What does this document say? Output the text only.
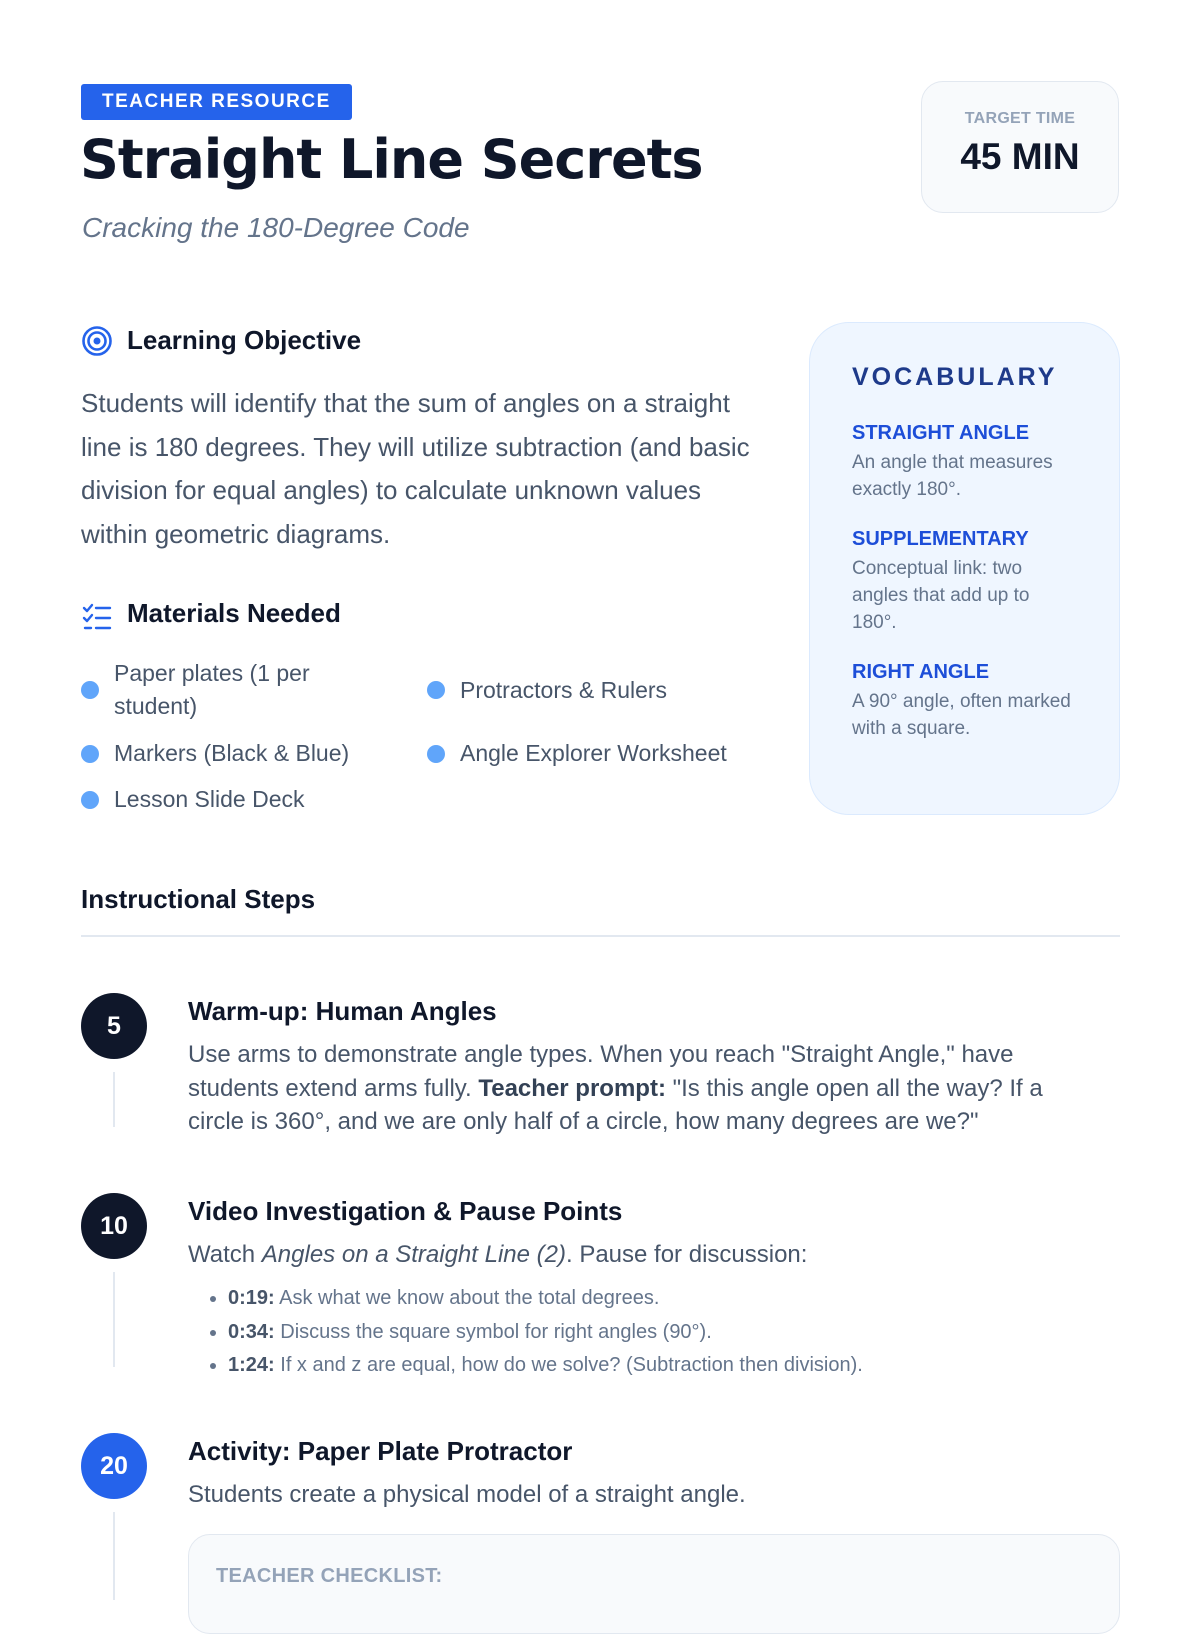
TEACHER RESOURCE
Straight Line Secrets

Cracking the 180-Degree Code

TARGET TIME
45 MIN
Learning Objective

Students will identify that the sum of angles on a straight line is 180 degrees. They will utilize subtraction (and basic division for equal angles) to calculate unknown values within geometric diagrams.

Materials Needed
Paper plates (1 per student)
Protractors & Rulers
Markers (Black & Blue)	Angle Explorer Worksheet
Lesson Slide Deck
VOCABULARY

STRAIGHT ANGLE

An angle that measures exactly 180°.

SUPPLEMENTARY

Conceptual link: two angles that add up to 180°.

RIGHT ANGLE

A 90° angle, often marked with a square.

Instructional Steps
5	Warm-up: Human Angles

Use arms to demonstrate angle types. When you reach "Straight Angle," have students extend arms fully. Teacher prompt: "Is this angle open all the way? If a circle is 360°, and we are only half of a circle, how many degrees are we?"

10	Video Investigation & Pause Points

Watch Angles on a Straight Line (2). Pause for discussion:

• 0:19: Ask what we know about the total degrees.
• 0:34: Discuss the square symbol for right angles (90°).
• 1:24: If x and z are equal, how do we solve? (Subtraction then division).
20	Activity: Paper Plate Protractor

Students create a physical model of a straight angle.

TEACHER CHECKLIST:
